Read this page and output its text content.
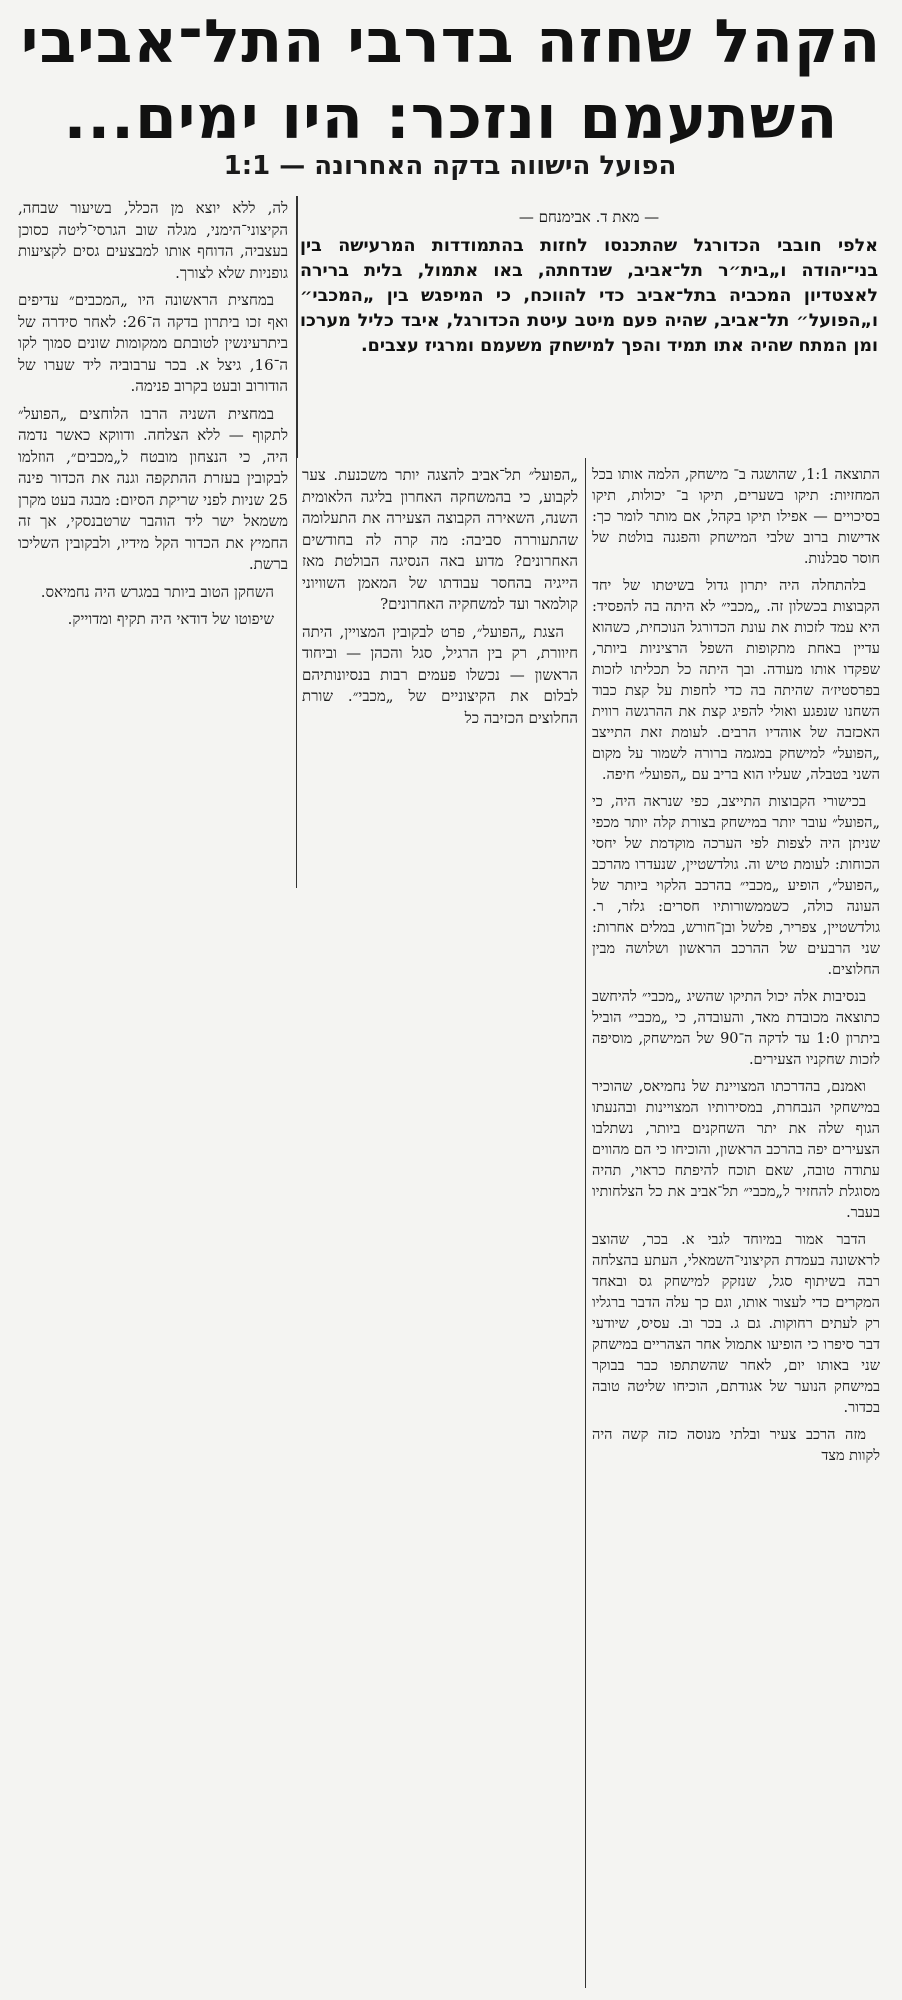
הקהל שחזה בדרבי התל־אביבי
השתעמם ונזכר: היו ימים...
הפועל הישווה בדקה האחרונה — 1:1

לה, ללא יוצא מן הכלל, בשיעור שבחה, הקיצוני־הימני, מגלה שוב הגרסי־ליטה כסוכן בעצביה, הדוחף אותו למבצעים גסים לקציעות גופניות שלא לצורך.

במחצית הראשונה היו „המכבים״ עדיפים ואף זכו ביתרון בדקה ה־26: לאחר סידרה של ביתרעינשין לטובתם ממקומות שונים סמוך לקו ה־16, גיצל א. בכר ערבוביה ליד שערו של הודורוב ובעט בקרוב פנימה.

במחצית השניה הרבו הלוחצים „הפועל״ לתקוף — ללא הצלחה. ודווקא כאשר נדמה היה, כי הנצחון מובטח ל„מכבים״, הוזלמו לבקובין בעזרת ההתקפה וגנה את הכדור פינה 25 שניות לפני שריקת הסיום: מבגה בעט מקרן משמאל ישר ליד הוהבר שרטבנסקי, אך זה החמיץ את הכדור הקל מידיו, ולבקובין השליכו ברשת.

השחקן הטוב ביותר במגרש היה נחמיאס.

שיפוטו של דודאי היה תקיף ומדוייק.

— מאת ד. אבימנחם —

אלפי חובבי הכדורגל שהתכנסו לחזות בהתמודדות המרעישה בין בני־יהודה ו„בית״ר תל־אביב, שנדחתה, באו אתמול, בלית ברירה לאצטדיון המכביה בתל־אביב כדי להווכח, כי המיפגש בין „המכבי״ ו„הפועל״ תל־אביב, שהיה פעם מיטב עיטת הכדורגל, איבד כליל מערכו ומן המתח שהיה אתו תמיד והפך למישחק משעמם ומרגיז עצבים.

„הפועל״ תל־אביב להצגה יותר משכנעת. צער לקבוע, כי בהמשחקה האחרון בליגה הלאומית השנה, השאירה הקבוצה הצעירה את התעלומה שהתעוררה סביבה: מה קרה לה בחודשים האחרונים? מדוע באה הנסיגה הבולטת מאז הייגיה בהחסר עבודתו של המאמן השוויוני קולמאר ועד למשחקיה האחרונים?

הצגת „הפועל״, פרט לבקובין המצויין, היתה חיוורת, רק בין הרגיל, סגל והכהן — וביחוד הראשון — נכשלו פעמים רבות בנסיונותיהם לבלום את הקיצוניים של „מכבי״. שורת החלוצים הכזיבה כל

התוצאה 1:1, שהושגה ב־ מישחק, הלמה אותו בכל המחזיות: תיקו בשערים, תיקו ב־ יכולות, תיקו בסיכויים — אפילו תיקו בקהל, אם מותר לומר כך: אדישות ברוב שלבי המישחק והפגנה בולטת של חוסר סבלנות.

בלהתחלה היה יתרון גדול בשיטתו של יחד הקבוצות בכשלון זה. „מכבי״ לא היתה בה להפסיד: היא עמד לזכות את עונת הכדורגל הנוכחית, כשהוא עדיין באחת מתקופות השפל הרציניות ביותר, שפקדו אותו מעודה. ובך היתה כל תכליתו לזכות בפרסטיז׳ה שהיתה בה כדי לחפות על קצת כבוד השחנו שנפגע ואולי להפיג קצת את ההרגשה רווית האכזבה של אוהדיו הרבים. לעומת זאת התייצב „הפועל״ למישחק במגמה ברורה לשמור על מקום השני בטבלה, שעליו הוא בריב עם „הפועל״ חיפה.

בכישורי הקבוצות התייצב, כפי שנראה היה, כי „הפועל״ עובר יותר במישחק בצורת קלה יותר מכפי שניתן היה לצפות לפי הערכה מוקדמת של יחסי הכוחות: לעומת טיש וה. גולדשטיין, שנעדרו מהרכב „הפועל״, הופיע „מכבי״ בהרכב הלקוי ביותר של העונה כולה, כשממשורותיו חסרים: גלזר, ר. גולדשטיין, צפריר, פלשל ובן־חורש, במלים אחרות: שני הרבעים של ההרכב הראשון ושלושה מבין החלוצים.

בנסיבות אלה יכול התיקו שהשיג „מכבי״ להיחשב כתוצאה מכובדת מאד, והעובדה, כי „מכבי״ הוביל ביתרון 1:0 עד לדקה ה־90 של המישחק, מוסיפה לזכות שחקניו הצעירים.

ואמנם, בהדרכתו המצויינת של נחמיאס, שהוכיר במישחקי הנבחרת, במסירותיו המצויינות ובהנעתו הגוף שלה את יתר השחקנים ביותר, נשתלבו הצעירים יפה בהרכב הראשון, והוכיחו כי הם מהווים עתודה טובה, שאם תוכח להיפתח כראוי, תהיה מסוגלת להחזיר ל„מכבי״ תל־אביב את כל הצלחותיו בעבר.

הדבר אמור במיוחד לגבי א. בכר, שהוצב לראשונה בעמדת הקיצוני־השמאלי, העתע בהצלחה רבה בשיתוף סגל, שנזקק למישחק גס ובאחד המקרים כדי לעצור אותו, וגם כך עלה הדבר ברגליו רק לעתים רחוקות. גם ג. בכר וב. עסיס, שיודעי דבר סיפרו כי הופיעו אתמול אחר הצהריים במישחק שני באותו יום, לאחר שהשתתפו כבר בבוקר במישחק הנוער של אגודתם, הוכיחו שליטה טובה בכדור.

מזה הרכב צעיר ובלתי מנוסה כזה קשה היה לקוות מצד
